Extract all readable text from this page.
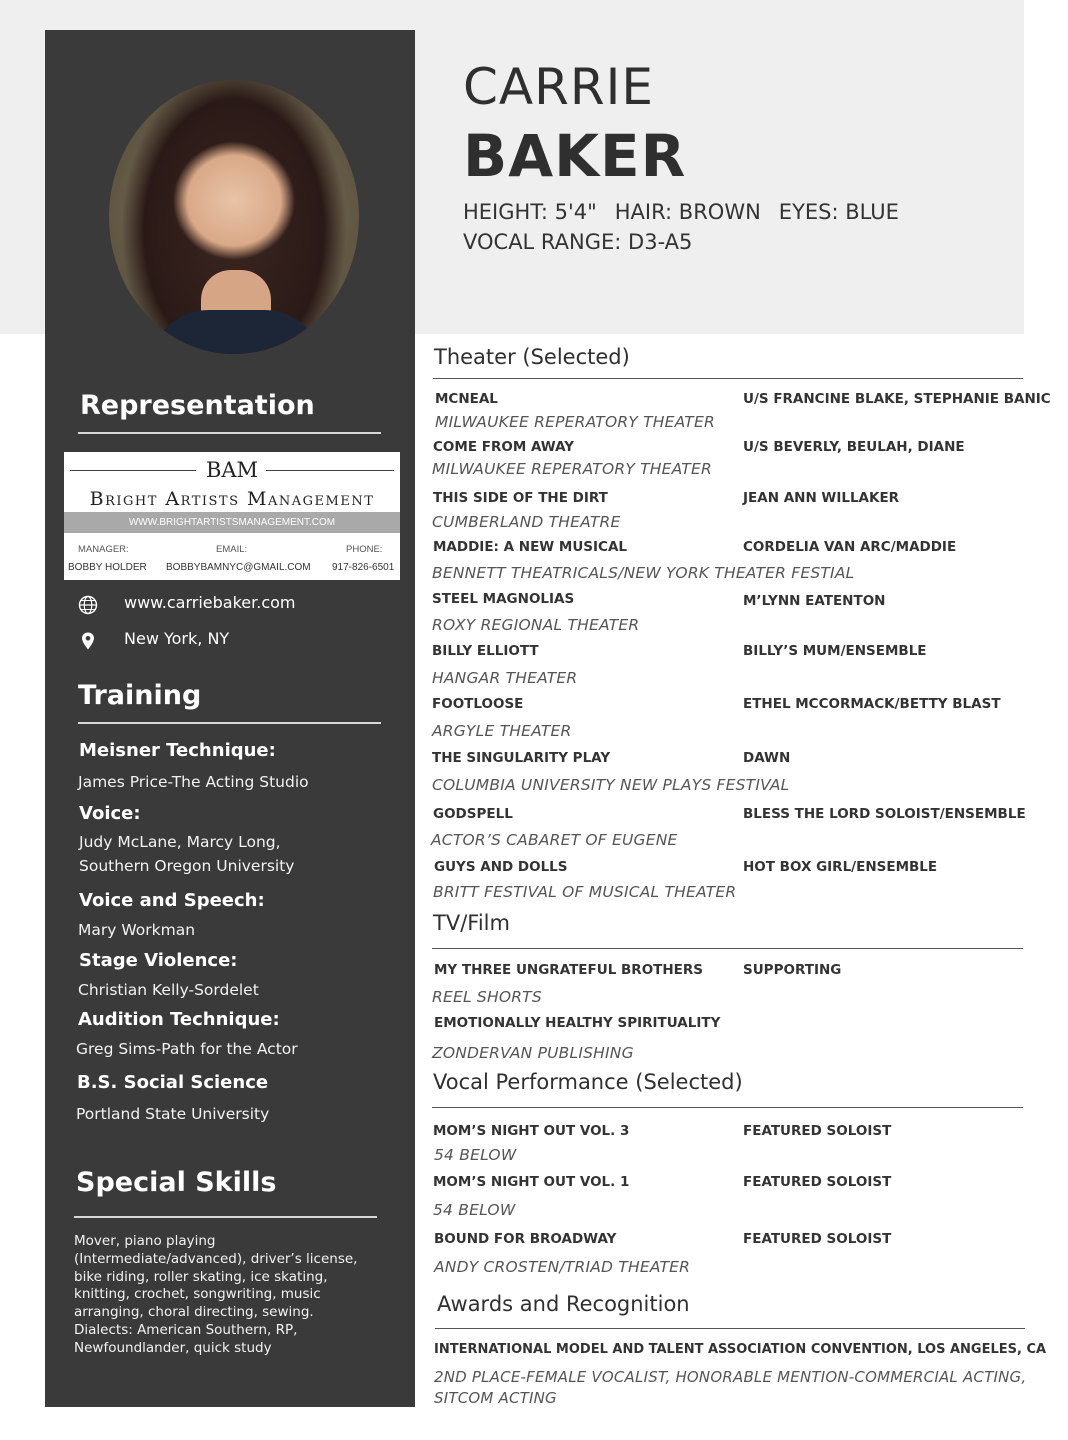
Representation
BAM
Bright Artists Management
WWW.BRIGHTARTISTSMANAGEMENT.COM
MANAGER:	EMAIL:	PHONE:
BOBBY HOLDER BOBBYBAMNYC@GMAIL.COM 917-826-6501
www.carriebaker.com
New York, NY
Training
Meisner Technique:
James Price-The Acting Studio
Voice:
Judy McLane, Marcy Long,
Southern Oregon University
Voice and Speech:
Mary Workman
Stage Violence:
Christian Kelly-Sordelet
Audition Technique:
Greg Sims-Path for the Actor
B.S. Social Science
Portland State University
Special Skills
Mover, piano playing (Intermediate/advanced), driver’s license, bike riding, roller skating, ice skating, knitting, crochet, songwriting, music arranging, choral directing, sewing. Dialects: American Southern, RP, Newfoundlander, quick study
CARRIE
BAKER
HEIGHT: 5'4" HAIR: BROWN EYES: BLUE
VOCAL RANGE: D3-A5
Theater (Selected)
MCNEAL	U/S FRANCINE BLAKE, STEPHANIE BANIC
MILWAUKEE REPERATORY THEATER
COME FROM AWAY	U/S BEVERLY, BEULAH, DIANE
MILWAUKEE REPERATORY THEATER
THIS SIDE OF THE DIRT	JEAN ANN WILLAKER
CUMBERLAND THEATRE
MADDIE: A NEW MUSICAL	CORDELIA VAN ARC/MADDIE
BENNETT THEATRICALS/NEW YORK THEATER FESTIAL
STEEL MAGNOLIAS	M’LYNN EATENTON
ROXY REGIONAL THEATER
BILLY ELLIOTT	BILLY’S MUM/ENSEMBLE
HANGAR THEATER
FOOTLOOSE	ETHEL MCCORMACK/BETTY BLAST
ARGYLE THEATER
THE SINGULARITY PLAY	DAWN
COLUMBIA UNIVERSITY NEW PLAYS FESTIVAL
GODSPELL	BLESS THE LORD SOLOIST/ENSEMBLE
ACTOR’S CABARET OF EUGENE
GUYS AND DOLLS	HOT BOX GIRL/ENSEMBLE
BRITT FESTIVAL OF MUSICAL THEATER
TV/Film
MY THREE UNGRATEFUL BROTHERS	SUPPORTING
REEL SHORTS
EMOTIONALLY HEALTHY SPIRITUALITY
ZONDERVAN PUBLISHING
Vocal Performance (Selected)
MOM’S NIGHT OUT VOL. 3	FEATURED SOLOIST
54 BELOW
MOM’S NIGHT OUT VOL. 1	FEATURED SOLOIST
54 BELOW
BOUND FOR BROADWAY	FEATURED SOLOIST
ANDY CROSTEN/TRIAD THEATER
Awards and Recognition
INTERNATIONAL MODEL AND TALENT ASSOCIATION CONVENTION, LOS ANGELES, CA
2ND PLACE-FEMALE VOCALIST, HONORABLE MENTION-COMMERCIAL ACTING,
SITCOM ACTING
